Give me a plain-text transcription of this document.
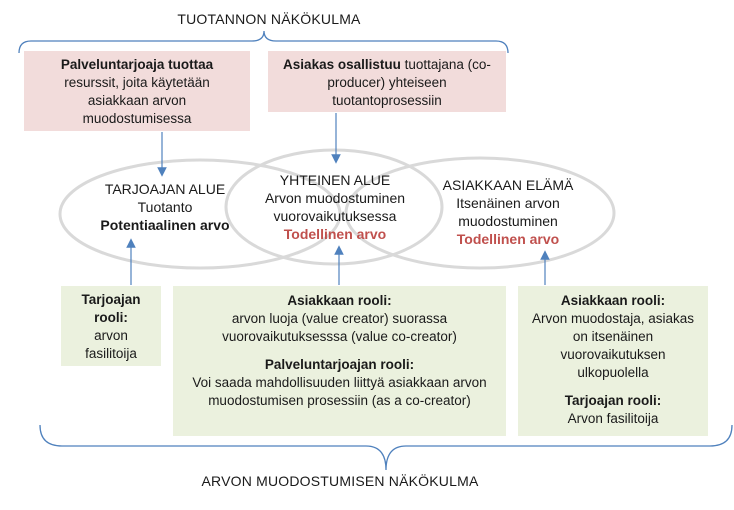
TUOTANNON NÄKÖKULMA
ARVON MUODOSTUMISEN NÄKÖKULMA
Palveluntarjoaja tuottaa resurssit, joita käytetään asiakkaan arvon muodostumisessa
Asiakas osallistuu tuottajana (co-producer) yhteiseen tuotantoprosessiin
TARJOAJAN ALUE
Tuotanto
Potentiaalinen arvo
YHTEINEN ALUE
Arvon muodostuminen
vuorovaikutuksessa
Todellinen arvo
ASIAKKAAN ELÄMÄ
Itsenäinen arvon
muodostuminen
Todellinen arvo
Tarjoajan rooli:
arvon fasilitoija
Asiakkaan rooli:
arvon luoja (value creator) suorassa vuorovaikutuksesssa (value co-creator)
Palveluntarjoajan rooli:
Voi saada mahdollisuuden liittyä asiakkaan arvon muodostumisen prosessiin (as a co-creator)
Asiakkaan rooli:
Arvon muodostaja, asiakas on itsenäinen vuorovaikutuksen ulkopuolella
Tarjoajan rooli:
Arvon fasilitoija
